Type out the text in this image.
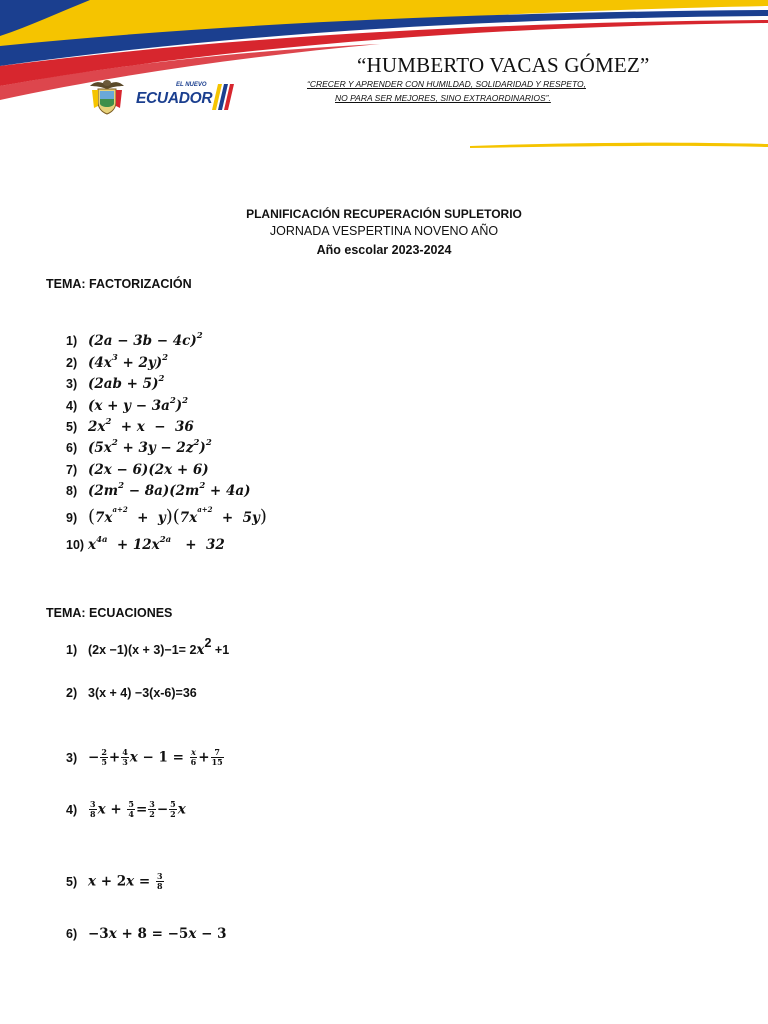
EL NUEVO
ECUADOR
“HUMBERTO VACAS GÓMEZ”
“CRECER Y APRENDER CON HUMILDAD, SOLIDARIDAD Y RESPETO,
NO PARA SER MEJORES, SINO EXTRAORDINARIOS”.
PLANIFICACIÓN RECUPERACIÓN SUPLETORIO
JORNADA VESPERTINA NOVENO AÑO
Año escolar 2023-2024
TEMA: FACTORIZACIÓN
1) $(2a - 3b - 4c)^2$
2) $(4x^3 + 2y)^2$
3) $(2ab + 5)^2$
4) $(x + y - 3a^2)^2$
5) $2x^2 + x - 36$
6) $(5x^2 + 3y - 2z^2)^2$
7) (2x − 6)(2x + 6)
8) $(2m^2 - 8a)(2m^2 + 4a)$
9) $(7x^{a+2} + y)(7x^{a+2} + 5y)$
10) $x^{4a} + 12x^{2a} + 32$
TEMA: ECUACIONES
1) $(2x -1)(x + 3)-1= 2x^2 +1$
2) 3(x + 4) −3(x-6)=36
$3) - \frac{2}{5} + \frac{4}{3}$ $x - 1 = \frac{x}{6} + \frac{7}{15}$
$4) \frac{3}{8}$ $x + \frac{5}{4} = \frac{3}{2} - \frac{5}{2}$ x
5) $x + 2x = \frac{3}{8}$
6) −3x + 8 = −5x − 3
